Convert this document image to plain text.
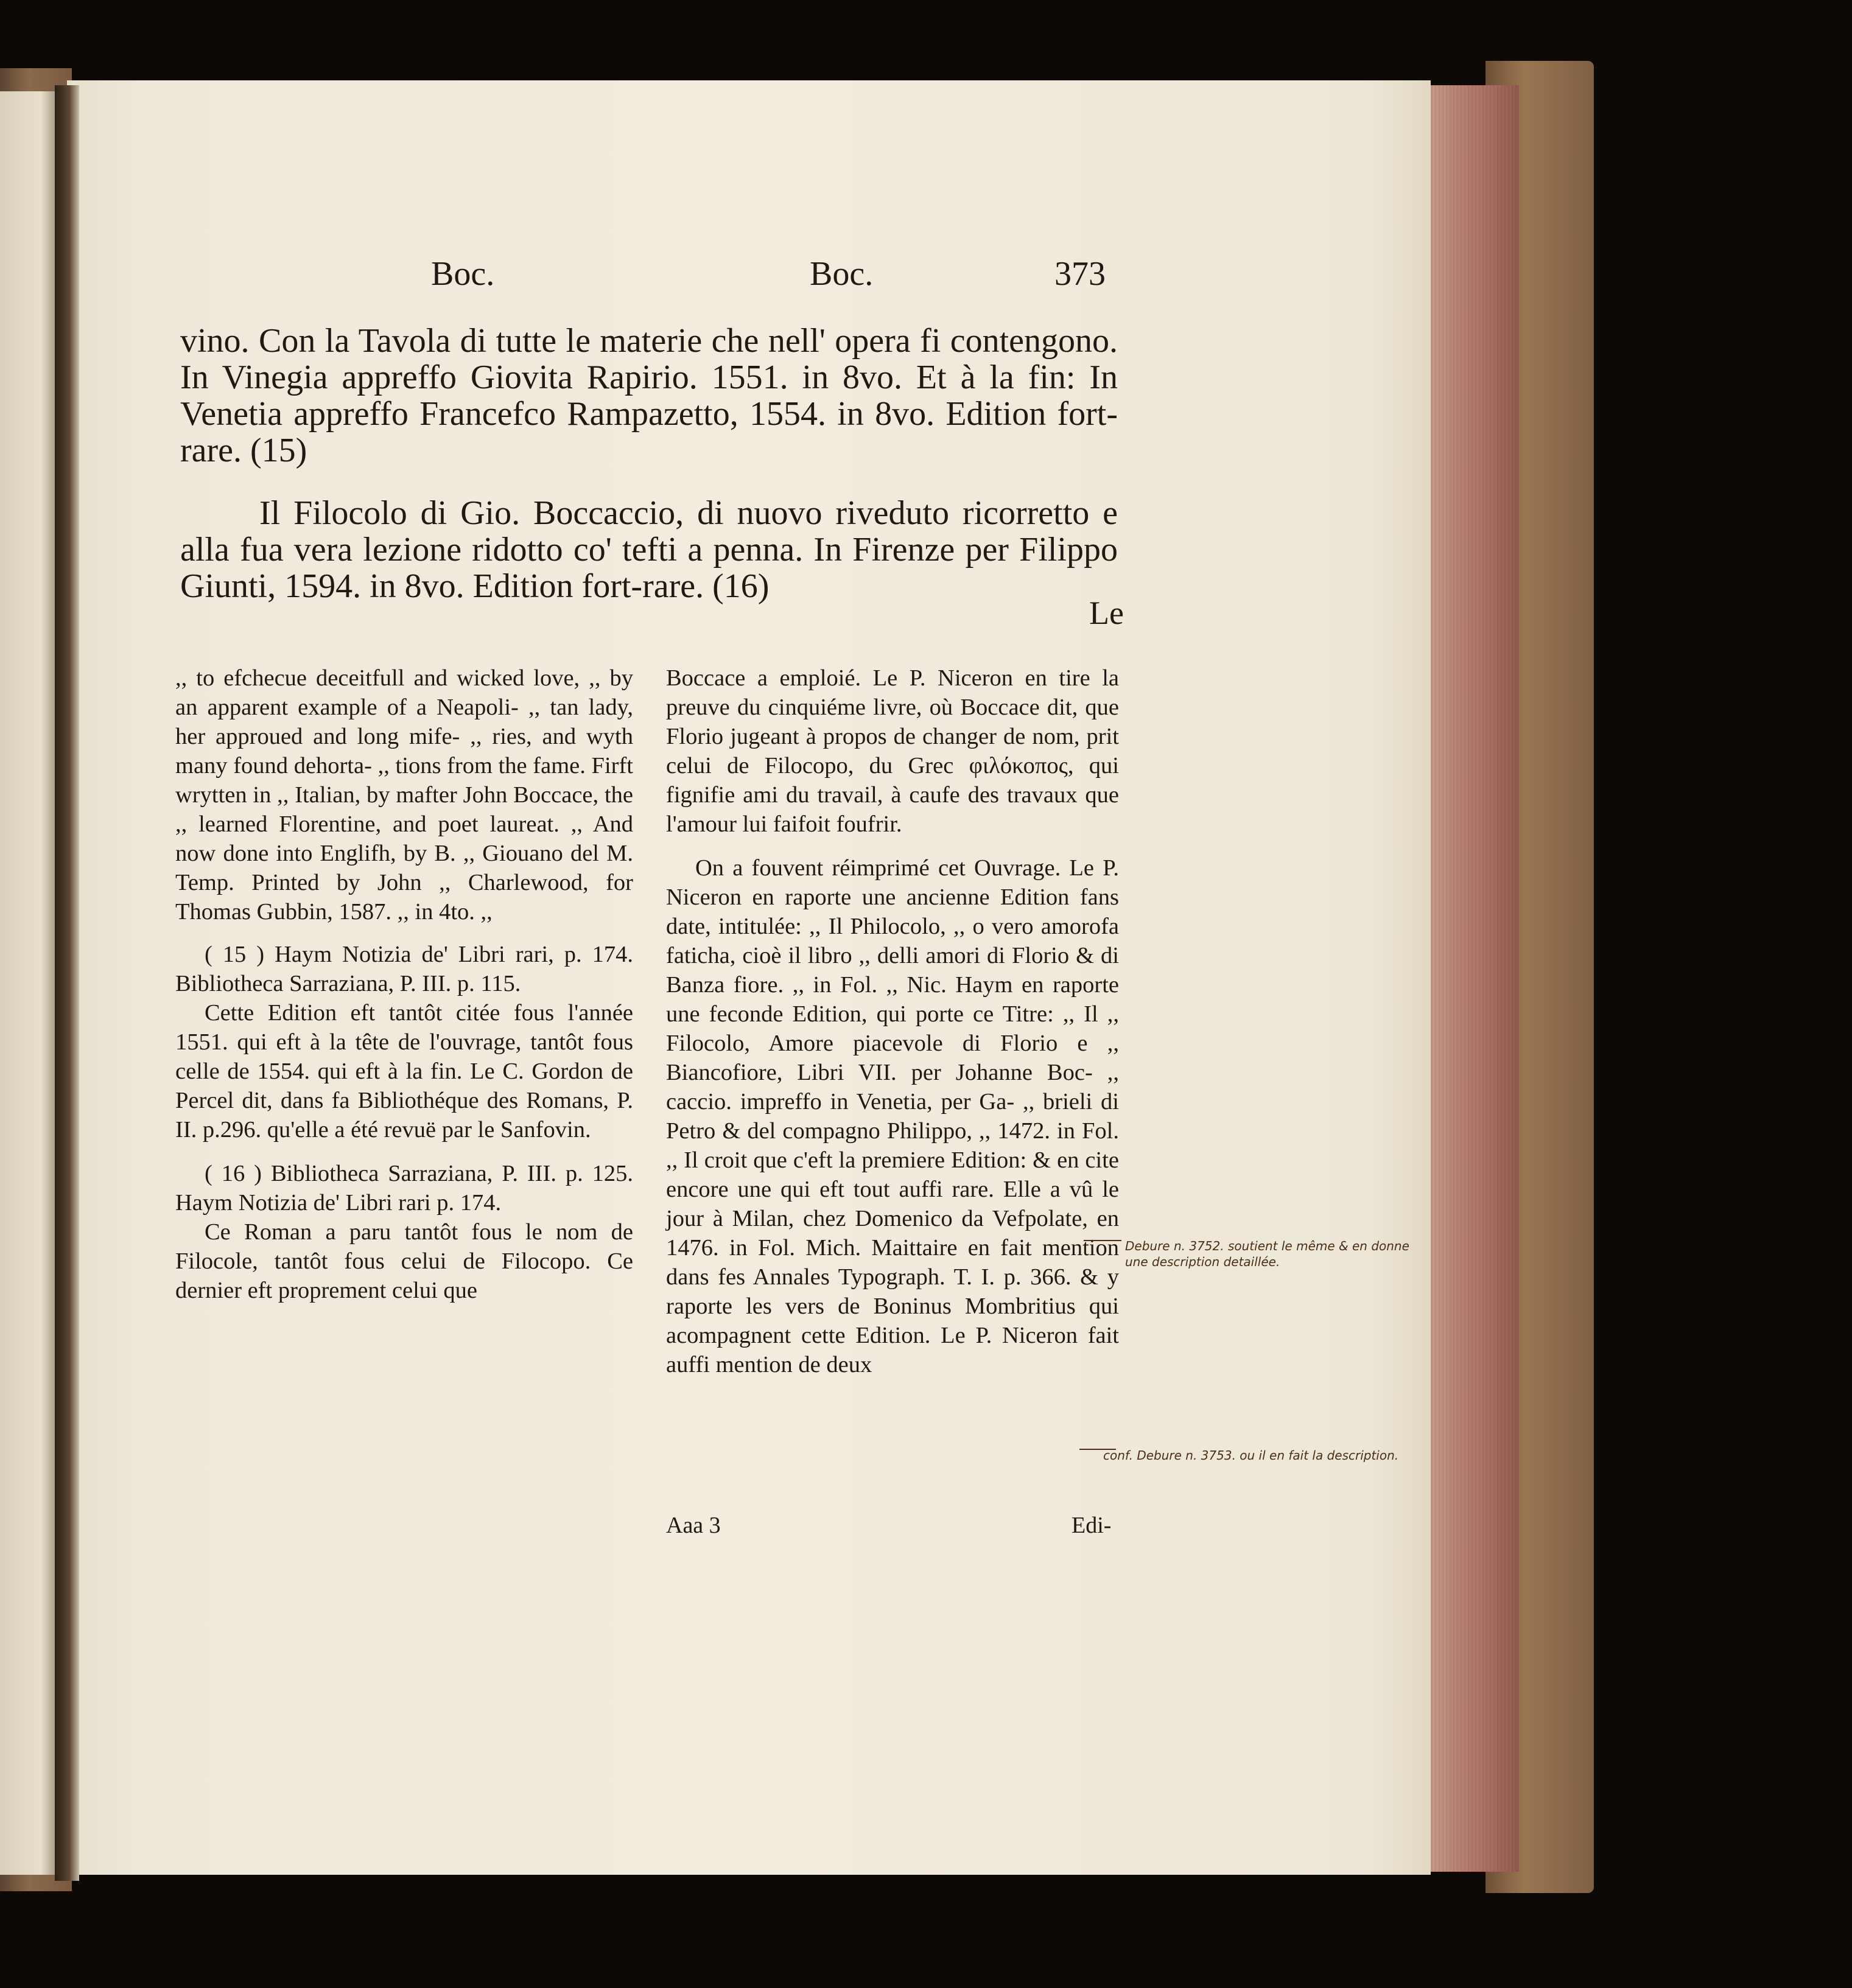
Boc.	Boc.	373
vino. Con la Tavola di tutte le materie che nell' opera fi contengono. In Vinegia appreffo Giovita Rapirio. 1551. in 8vo. Et à la fin: In Venetia appreffo Francefco Rampazetto, 1554. in 8vo. Edition fort-rare. (15)
Il Filocolo di Gio. Boccaccio, di nuovo riveduto ricorretto e alla fua vera lezione ridotto co' tefti a penna. In Firenze per Filippo Giunti, 1594. in 8vo. Edition fort-rare. (16)
Le

,, to efchecue deceitfull and wicked love, ,, by an apparent example of a Neapoli- ,, tan lady, her approued and long mife- ,, ries, and wyth many found dehorta- ,, tions from the fame. Firft wrytten in ,, Italian, by mafter John Boccace, the ,, learned Florentine, and poet laureat. ,, And now done into Englifh, by B. ,, Giouano del M. Temp. Printed by John ,, Charlewood, for Thomas Gubbin, 1587. ,, in 4to. ,,

( 15 ) Haym Notizia de' Libri rari, p. 174. Bibliotheca Sarraziana, P. III. p. 115.

Cette Edition eft tantôt citée fous l'année 1551. qui eft à la tête de l'ouvrage, tantôt fous celle de 1554. qui eft à la fin. Le C. Gordon de Percel dit, dans fa Bibliothéque des Romans, P. II. p.296. qu'elle a été revuë par le Sanfovin.

( 16 ) Bibliotheca Sarraziana, P. III. p. 125. Haym Notizia de' Libri rari p. 174.

Ce Roman a paru tantôt fous le nom de Filocole, tantôt fous celui de Filocopo. Ce dernier eft proprement celui que

Boccace a emploié. Le P. Niceron en tire la preuve du cinquiéme livre, où Boccace dit, que Florio jugeant à propos de changer de nom, prit celui de Filocopo, du Grec φιλόκοπος, qui fignifie ami du travail, à caufe des travaux que l'amour lui faifoit foufrir.

On a fouvent réimprimé cet Ouvrage. Le P. Niceron en raporte une ancienne Edition fans date, intitulée: ,, Il Philocolo, ,, o vero amorofa faticha, cioè il libro ,, delli amori di Florio & di Banza fiore. ,, in Fol. ,, Nic. Haym en raporte une feconde Edition, qui porte ce Titre: ,, Il ,, Filocolo, Amore piacevole di Florio e ,, Biancofiore, Libri VII. per Johanne Boc- ,, caccio. impreffo in Venetia, per Ga- ,, brieli di Petro & del compagno Philippo, ,, 1472. in Fol. ,, Il croit que c'eft la premiere Edition: & en cite encore une qui eft tout auffi rare. Elle a vû le jour à Milan, chez Domenico da Vefpolate, en 1476. in Fol. Mich. Maittaire en fait mention dans fes Annales Typograph. T. I. p. 366. & y raporte les vers de Boninus Mombritius qui acompagnent cette Edition. Le P. Niceron fait auffi mention de deux

Aaa 3	Edi-
Debure n. 3752. soutient le même & en donne une description detaillée.
conf. Debure n. 3753. ou il en fait la description.
